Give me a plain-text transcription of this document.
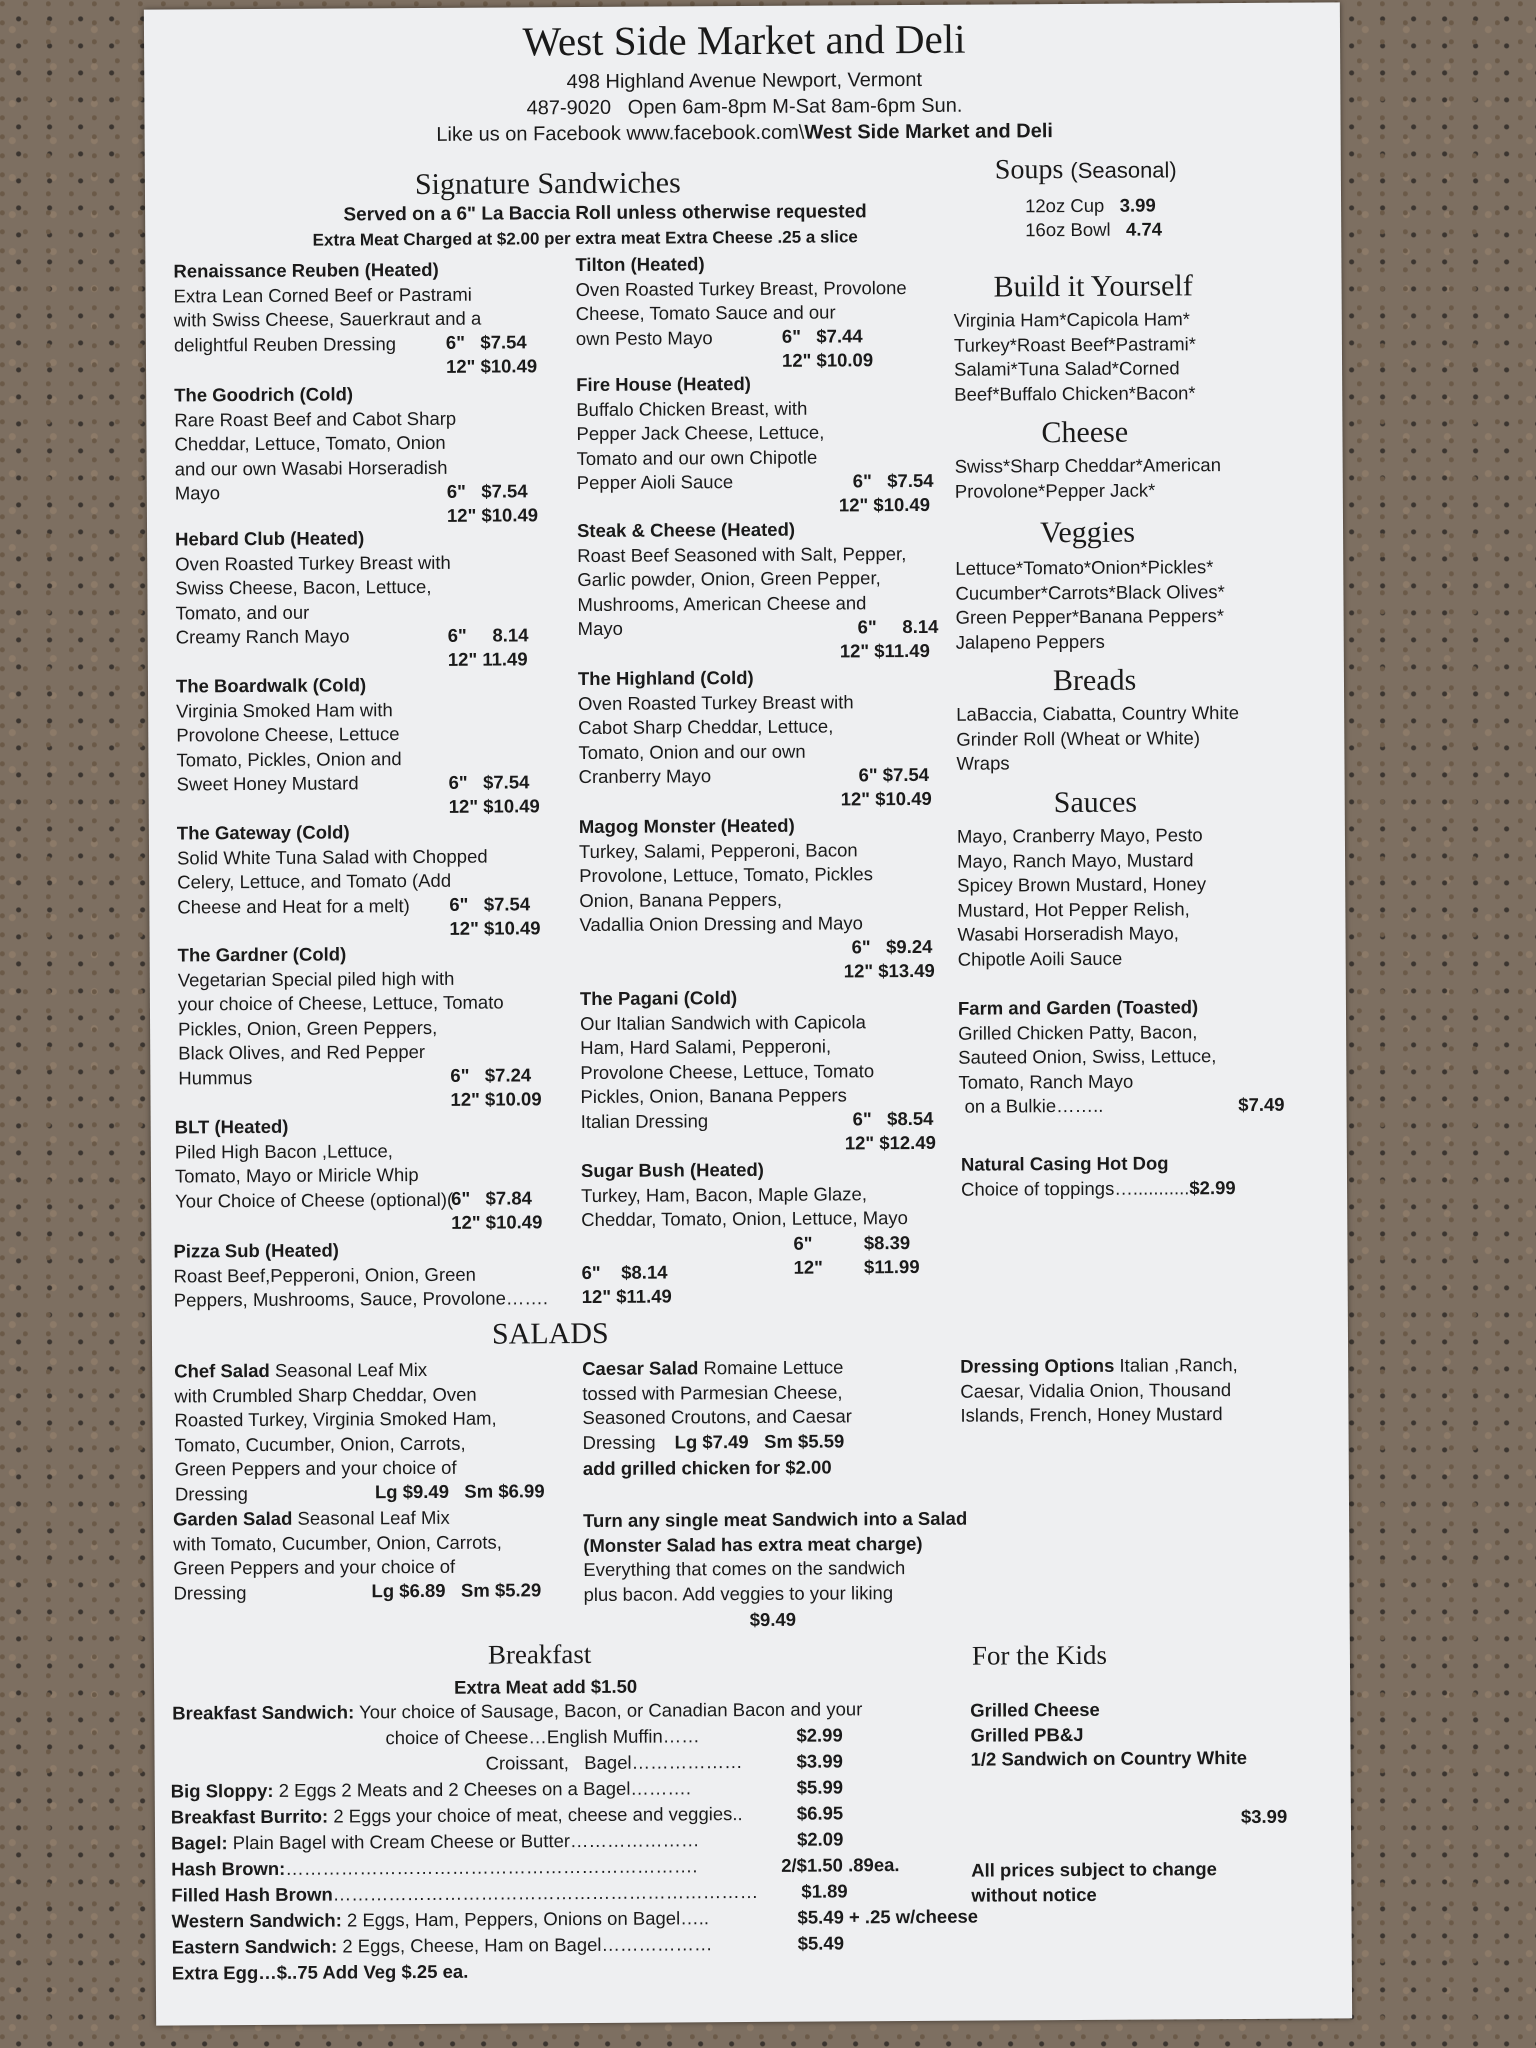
West Side Market and Deli
498 Highland Avenue Newport, Vermont
487-9020   Open 6am-8pm M-Sat 8am-6pm Sun.
Like us on Facebook www.facebook.com\West Side Market and Deli
Signature Sandwiches
Served on a 6" La Baccia Roll unless otherwise requested
Extra Meat Charged at $2.00 per extra meat Extra Cheese .25 a slice
Renaissance Reuben (Heated)
Extra Lean Corned Beef or Pastrami
with Swiss Cheese, Sauerkraut and a
delightful Reuben Dressing	6"   $7.54
12" $10.49
The Goodrich (Cold)
Rare Roast Beef and Cabot Sharp
Cheddar, Lettuce, Tomato, Onion
and our own Wasabi Horseradish
Mayo	6"   $7.54
12" $10.49
Hebard Club (Heated)
Oven Roasted Turkey Breast with
Swiss Cheese, Bacon, Lettuce,
Tomato, and our
Creamy Ranch Mayo	6"     8.14
12" 11.49
The Boardwalk (Cold)
Virginia Smoked Ham with
Provolone Cheese, Lettuce
Tomato, Pickles, Onion and
Sweet Honey Mustard	6"   $7.54
12" $10.49
The Gateway (Cold)
Solid White Tuna Salad with Chopped
Celery, Lettuce, and Tomato (Add
Cheese and Heat for a melt)	6"   $7.54
12" $10.49
The Gardner (Cold)
Vegetarian Special piled high with
your choice of Cheese, Lettuce, Tomato
Pickles, Onion, Green Peppers,
Black Olives, and Red Pepper
Hummus	6"   $7.24
12" $10.09
BLT (Heated)
Piled High Bacon ,Lettuce,
Tomato, Mayo or Miricle Whip
Your Choice of Cheese (optional)(
6"   $7.84
12" $10.49
Pizza Sub (Heated)
Roast Beef,Pepperoni, Onion, Green
Peppers, Mushrooms, Sauce, Provolone…….
6"    $8.14
12" $11.49
Tilton (Heated)
Oven Roasted Turkey Breast, Provolone
Cheese, Tomato Sauce and our
own Pesto Mayo	6"   $7.44
12" $10.09
Fire House (Heated)
Buffalo Chicken Breast, with
Pepper Jack Cheese, Lettuce,
Tomato and our own Chipotle
Pepper Aioli Sauce	6"   $7.54
12" $10.49
Steak & Cheese (Heated)
Roast Beef Seasoned with Salt, Pepper,
Garlic powder, Onion, Green Pepper,
Mushrooms, American Cheese and
Mayo	6"     8.14
12" $11.49
The Highland (Cold)
Oven Roasted Turkey Breast with
Cabot Sharp Cheddar, Lettuce,
Tomato, Onion and our own
Cranberry Mayo	6" $7.54
12" $10.49
Magog Monster (Heated)
Turkey, Salami, Pepperoni, Bacon
Provolone, Lettuce, Tomato, Pickles
Onion, Banana Peppers,
Vadallia Onion Dressing and Mayo
6"   $9.24
12" $13.49
The Pagani (Cold)
Our Italian Sandwich with Capicola
Ham, Hard Salami, Pepperoni,
Provolone Cheese, Lettuce, Tomato
Pickles, Onion, Banana Peppers
Italian Dressing	6"   $8.54
12" $12.49
Sugar Bush (Heated)
Turkey, Ham, Bacon, Maple Glaze,
Cheddar, Tomato, Onion, Lettuce, Mayo
6"          $8.39
12"        $11.99
Soups (Seasonal)
12oz Cup 3.99
16oz Bowl 4.74
Build it Yourself
Virginia Ham*Capicola Ham*
Turkey*Roast Beef*Pastrami*
Salami*Tuna Salad*Corned
Beef*Buffalo Chicken*Bacon*
Cheese
Swiss*Sharp Cheddar*American
Provolone*Pepper Jack*
Veggies
Lettuce*Tomato*Onion*Pickles*
Cucumber*Carrots*Black Olives*
Green Pepper*Banana Peppers*
Jalapeno Peppers
Breads
LaBaccia, Ciabatta, Country White
Grinder Roll (Wheat or White)
Wraps
Sauces
Mayo, Cranberry Mayo, Pesto
Mayo, Ranch Mayo, Mustard
Spicey Brown Mustard, Honey
Mustard, Hot Pepper Relish,
Wasabi Horseradish Mayo,
Chipotle Aoili Sauce
Farm and Garden (Toasted)
Grilled Chicken Patty, Bacon,
Sauteed Onion, Swiss, Lettuce,
Tomato, Ranch Mayo
on a Bulkie……..	$7.49
Natural Casing Hot Dog
Choice of toppings…...........$2.99
SALADS
Chef Salad Seasonal Leaf Mix
with Crumbled Sharp Cheddar, Oven
Roasted Turkey, Virginia Smoked Ham,
Tomato, Cucumber, Onion, Carrots,
Green Peppers and your choice of
Dressing	Lg $9.49   Sm $6.99
Garden Salad Seasonal Leaf Mix
with Tomato, Cucumber, Onion, Carrots,
Green Peppers and your choice of
Dressing	Lg $6.89   Sm $5.29
Caesar Salad Romaine Lettuce
tossed with Parmesian Cheese,
Seasoned Croutons, and Caesar
Dressing	Lg $7.49   Sm $5.59
add grilled chicken for $2.00
Turn any single meat Sandwich into a Salad
(Monster Salad has extra meat charge)
Everything that comes on the sandwich
plus bacon. Add veggies to your liking
$9.49
Dressing Options Italian ,Ranch,
Caesar, Vidalia Onion, Thousand
Islands, French, Honey Mustard
Breakfast
Extra Meat add $1.50
Breakfast Sandwich: Your choice of Sausage, Bacon, or Canadian Bacon and your
choice of Cheese…English Muffin……	$2.99
Croissant,   Bagel………………	$3.99
Big Sloppy: 2 Eggs 2 Meats and 2 Cheeses on a Bagel……….	$5.99
Breakfast Burrito: 2 Eggs your choice of meat, cheese and veggies..	$6.95
Bagel: Plain Bagel with Cream Cheese or Butter…………………	$2.09
Hash Brown:………………………………………………………….	2/$1.50 .89ea.
Filled Hash Brown…………………………………………………………… $1.89
Western Sandwich: 2 Eggs, Ham, Peppers, Onions on Bagel…..	$5.49 + .25 w/cheese
Eastern Sandwich: 2 Eggs, Cheese, Ham on Bagel………………	$5.49
Extra Egg…$..75 Add Veg $.25 ea.
For the Kids
Grilled Cheese
Grilled PB&J
1/2 Sandwich on Country White
$3.99
All prices subject to change
without notice
